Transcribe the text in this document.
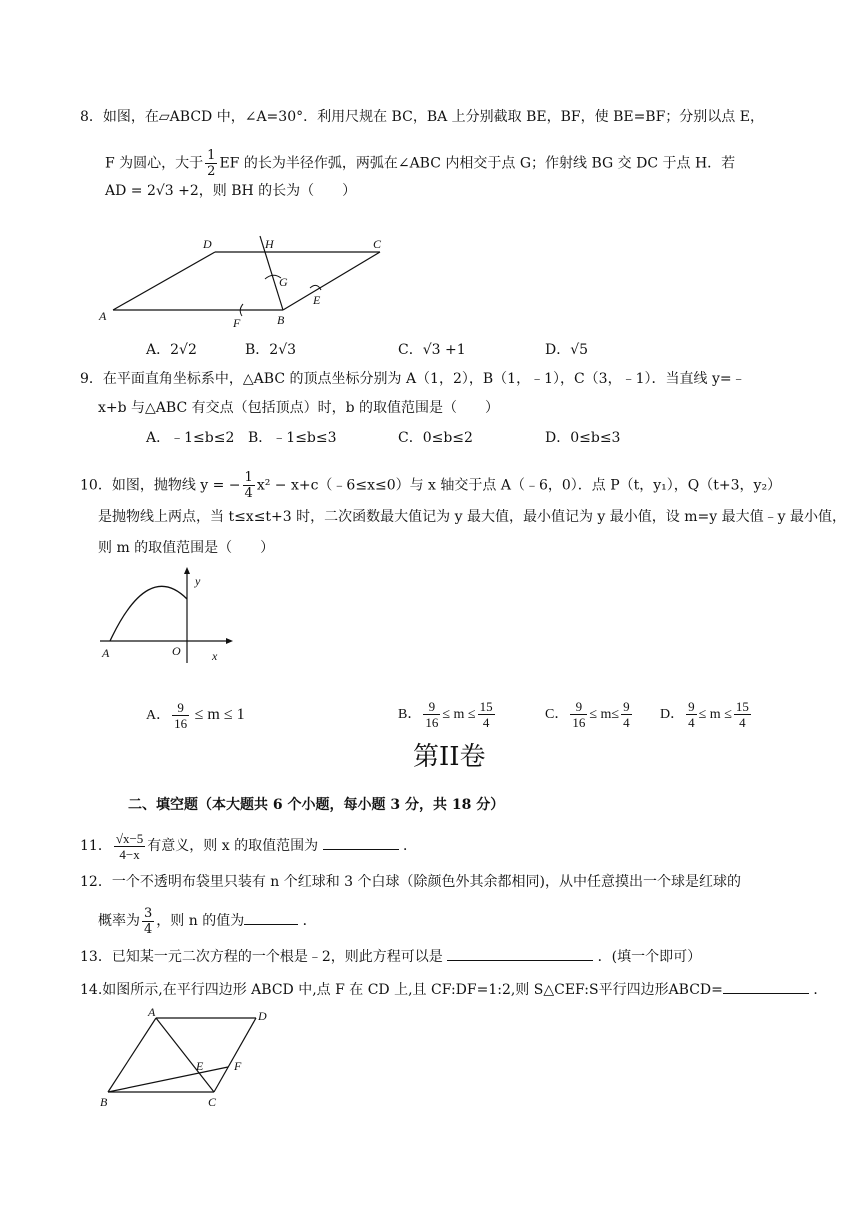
8．如图，在▱ABCD 中，∠A=30°．利用尺规在 BC，BA 上分别截取 BE，BF，使 BE=BF；分别以点 E，
F 为圆心，大于 $\frac{1}{2}$ EF 的长为半径作弧，两弧在∠ABC 内相交于点 G；作射线 BG 交 DC 于点 H．若
AD = 2√3 +2，则 BH 的长为（　　）
A	B
C
D
E
F
G
H
A．2√2	B．2√3	C．√3 +1	D．√5
9．在平面直角坐标系中，△ABC 的顶点坐标分别为 A（1，2），B（1，﹣1），C（3，﹣1）．当直线 y=﹣
x+b 与△ABC 有交点（包括顶点）时，b 的取值范围是（　　）
A．﹣1≤b≤2 B．﹣1≤b≤3	C．0≤b≤2	D．0≤b≤3
10．如图，抛物线 y = − $\frac{1}{4} x^2$ − x+c（﹣6≤x≤0）与 x 轴交于点 A（﹣6，0）．点 P（t，y₁），Q（t+3，y₂）
是抛物线上两点，当 t≤x≤t+3 时，二次函数最大值记为 y 最大值，最小值记为 y 最小值，设 m=y 最大值﹣y 最小值，
则 m 的取值范围是（　　）
A	O	x
y
A． $\frac{9}{16} \le m \le 1$	B． $\frac{9}{16} \le m \le \frac{15}{4}$	C． $\frac{9}{16} \le m\le \frac{9}{4}$ D． $\frac{9}{4} \le m \le \frac{15}{4}$
第II卷
二、填空题（本大题共 6 个小题，每小题 3 分，共 18 分）
11． $\frac{√x-5}{4-x}$ 有意义，则 x 的取值范围为	．
12．一个不透明布袋里只装有 n 个红球和 3 个白球（除颜色外其余都相同)，从中任意摸出一个球是红球的
概率为 $\frac{3}{4}$ ，则 n 的值为	．
13．已知某一元二次方程的一个根是﹣2，则此方程可以是	．(填一个即可）
14.如图所示,在平行四边形 ABCD 中,点 F 在 CD 上,且 CF:DF=1:2,则 S△CEF:S平行四边形ABCD=	．
A
B	C
D
E	F
